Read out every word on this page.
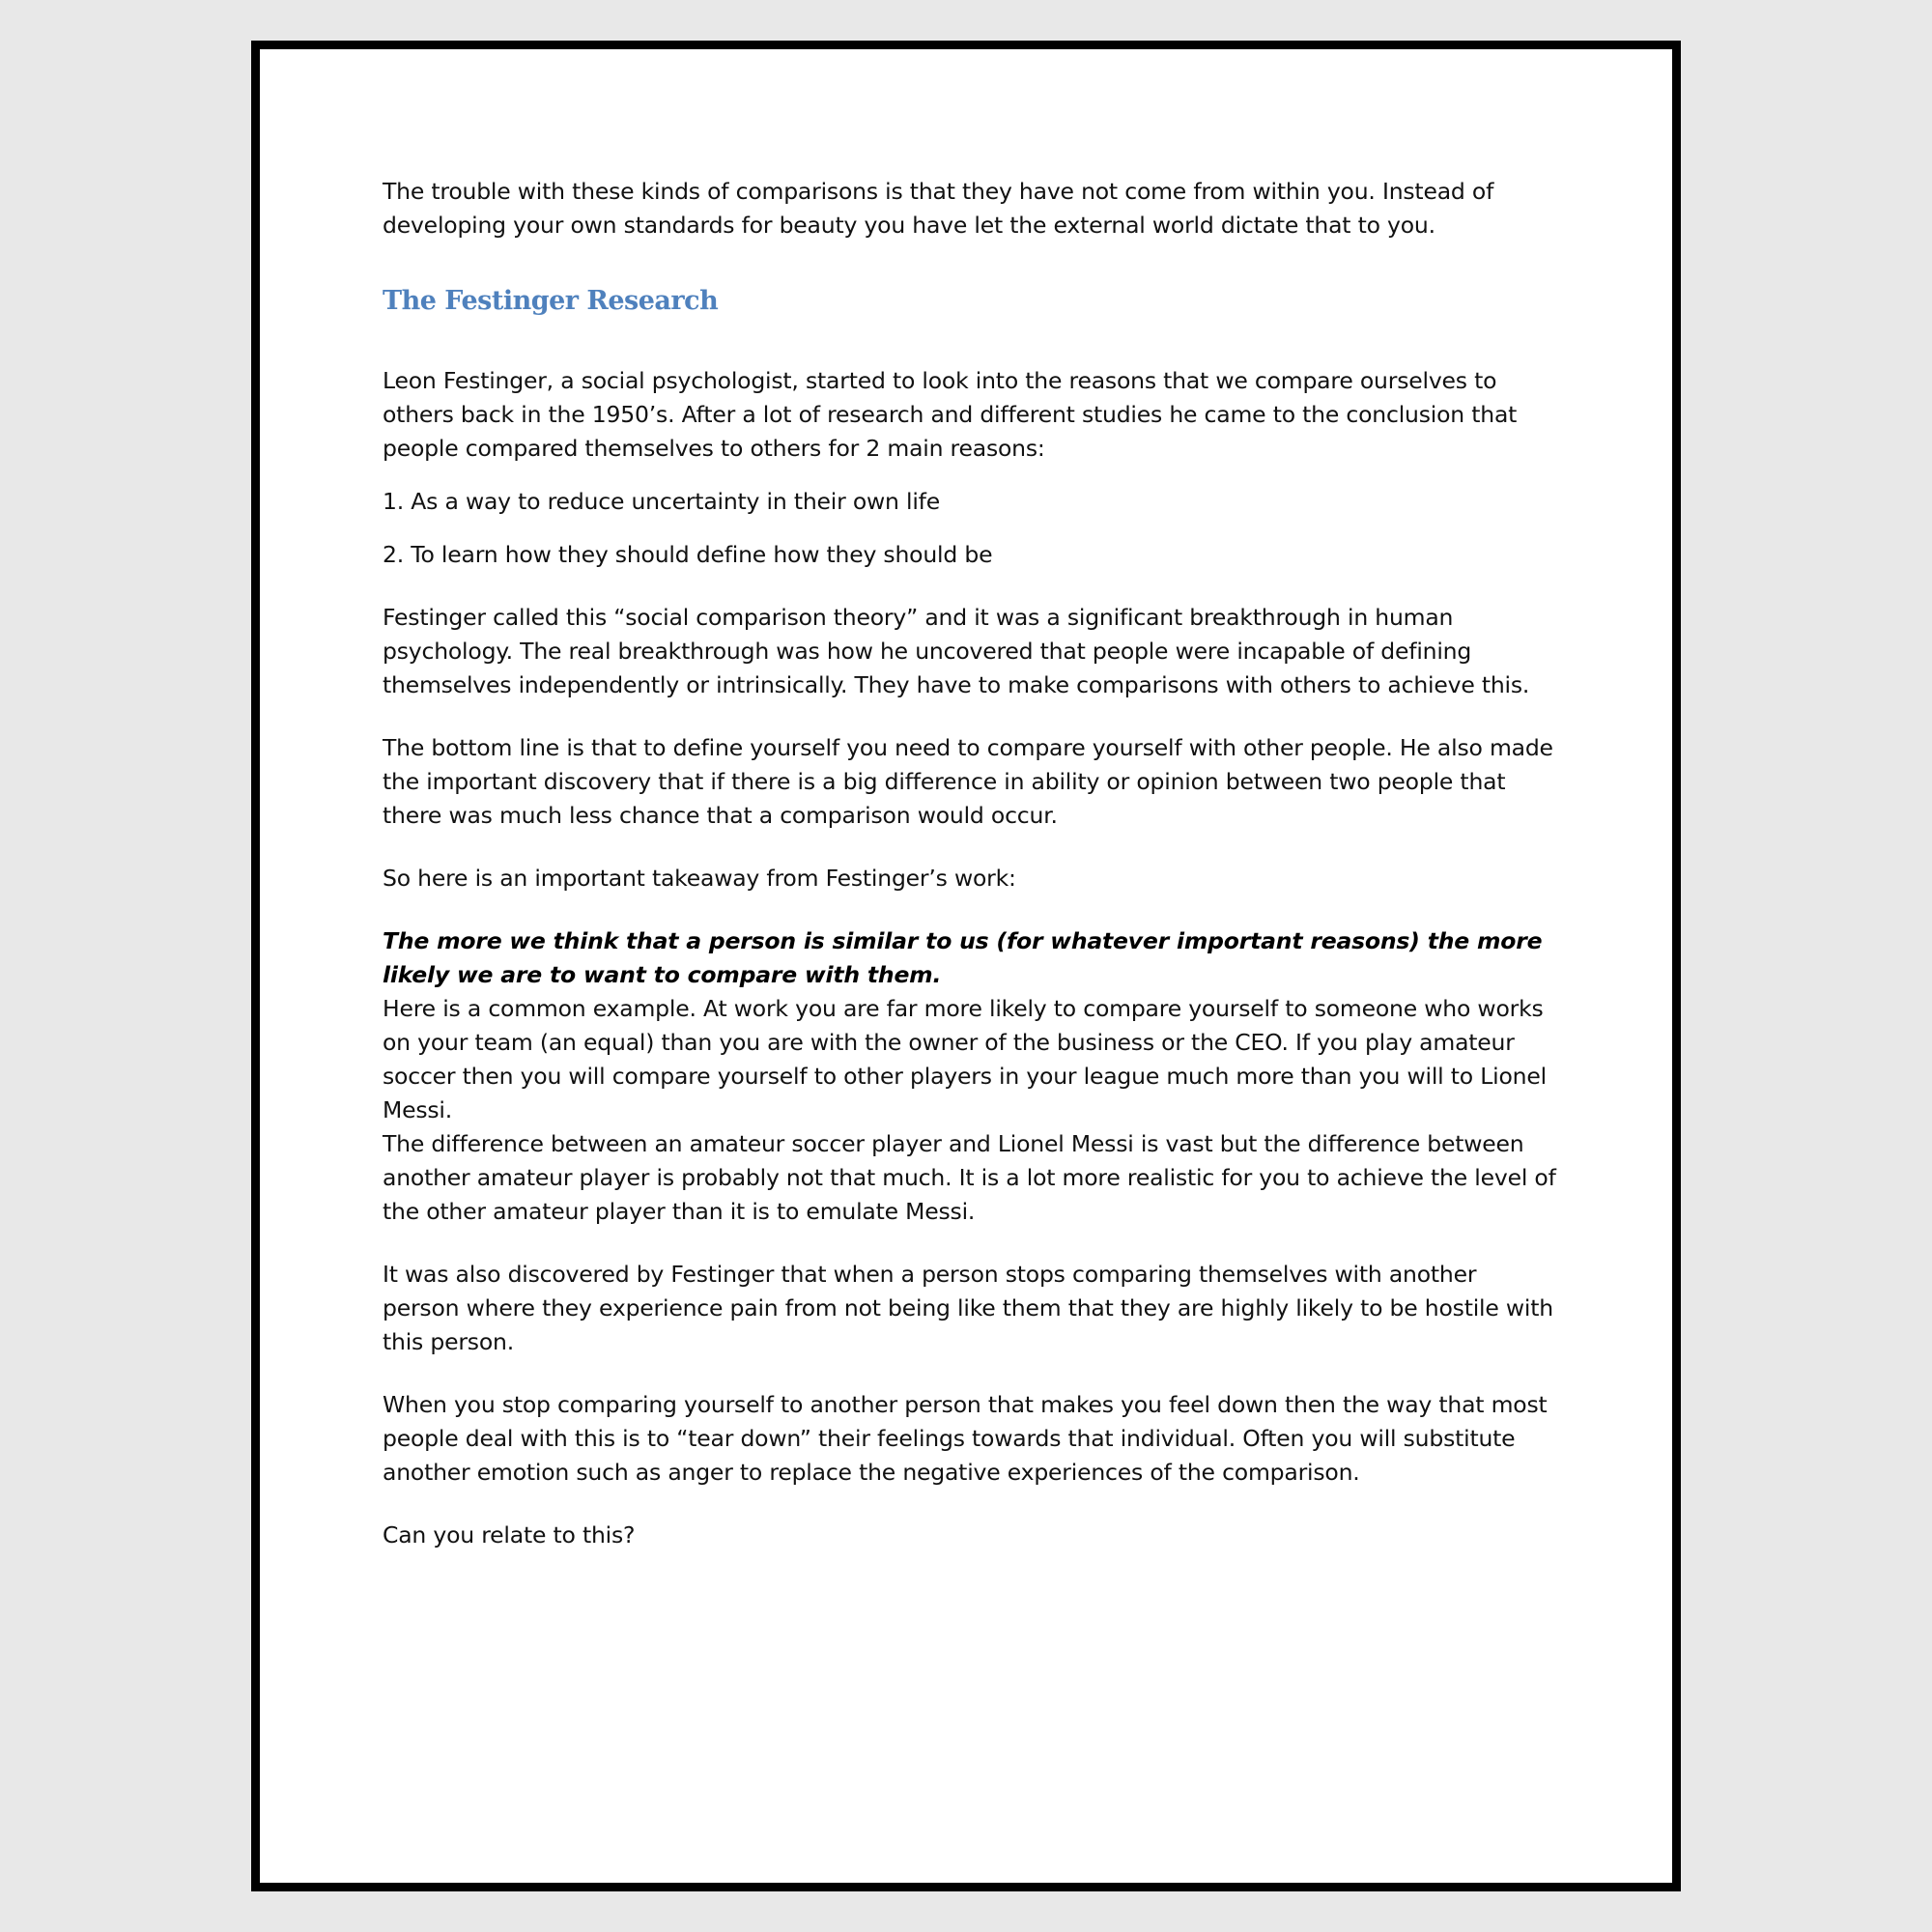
The trouble with these kinds of comparisons is that they have not come from within you. Instead of developing your own standards for beauty you have let the external world dictate that to you.

The Festinger Research

Leon Festinger, a social psychologist, started to look into the reasons that we compare ourselves to others back in the 1950’s. After a lot of research and different studies he came to the conclusion that people compared themselves to others for 2 main reasons:

1. As a way to reduce uncertainty in their own life

2. To learn how they should define how they should be

Festinger called this “social comparison theory” and it was a significant breakthrough in human psychology. The real breakthrough was how he uncovered that people were incapable of defining themselves independently or intrinsically. They have to make comparisons with others to achieve this.

The bottom line is that to define yourself you need to compare yourself with other people. He also made the important discovery that if there is a big difference in ability or opinion between two people that there was much less chance that a comparison would occur.

So here is an important takeaway from Festinger’s work:

The more we think that a person is similar to us (for whatever important reasons) the more likely we are to want to compare with them.

Here is a common example. At work you are far more likely to compare yourself to someone who works on your team (an equal) than you are with the owner of the business or the CEO. If you play amateur soccer then you will compare yourself to other players in your league much more than you will to Lionel Messi.

The difference between an amateur soccer player and Lionel Messi is vast but the difference between another amateur player is probably not that much. It is a lot more realistic for you to achieve the level of the other amateur player than it is to emulate Messi.

It was also discovered by Festinger that when a person stops comparing themselves with another person where they experience pain from not being like them that they are highly likely to be hostile with this person.

When you stop comparing yourself to another person that makes you feel down then the way that most people deal with this is to “tear down” their feelings towards that individual. Often you will substitute another emotion such as anger to replace the negative experiences of the comparison.

Can you relate to this?
